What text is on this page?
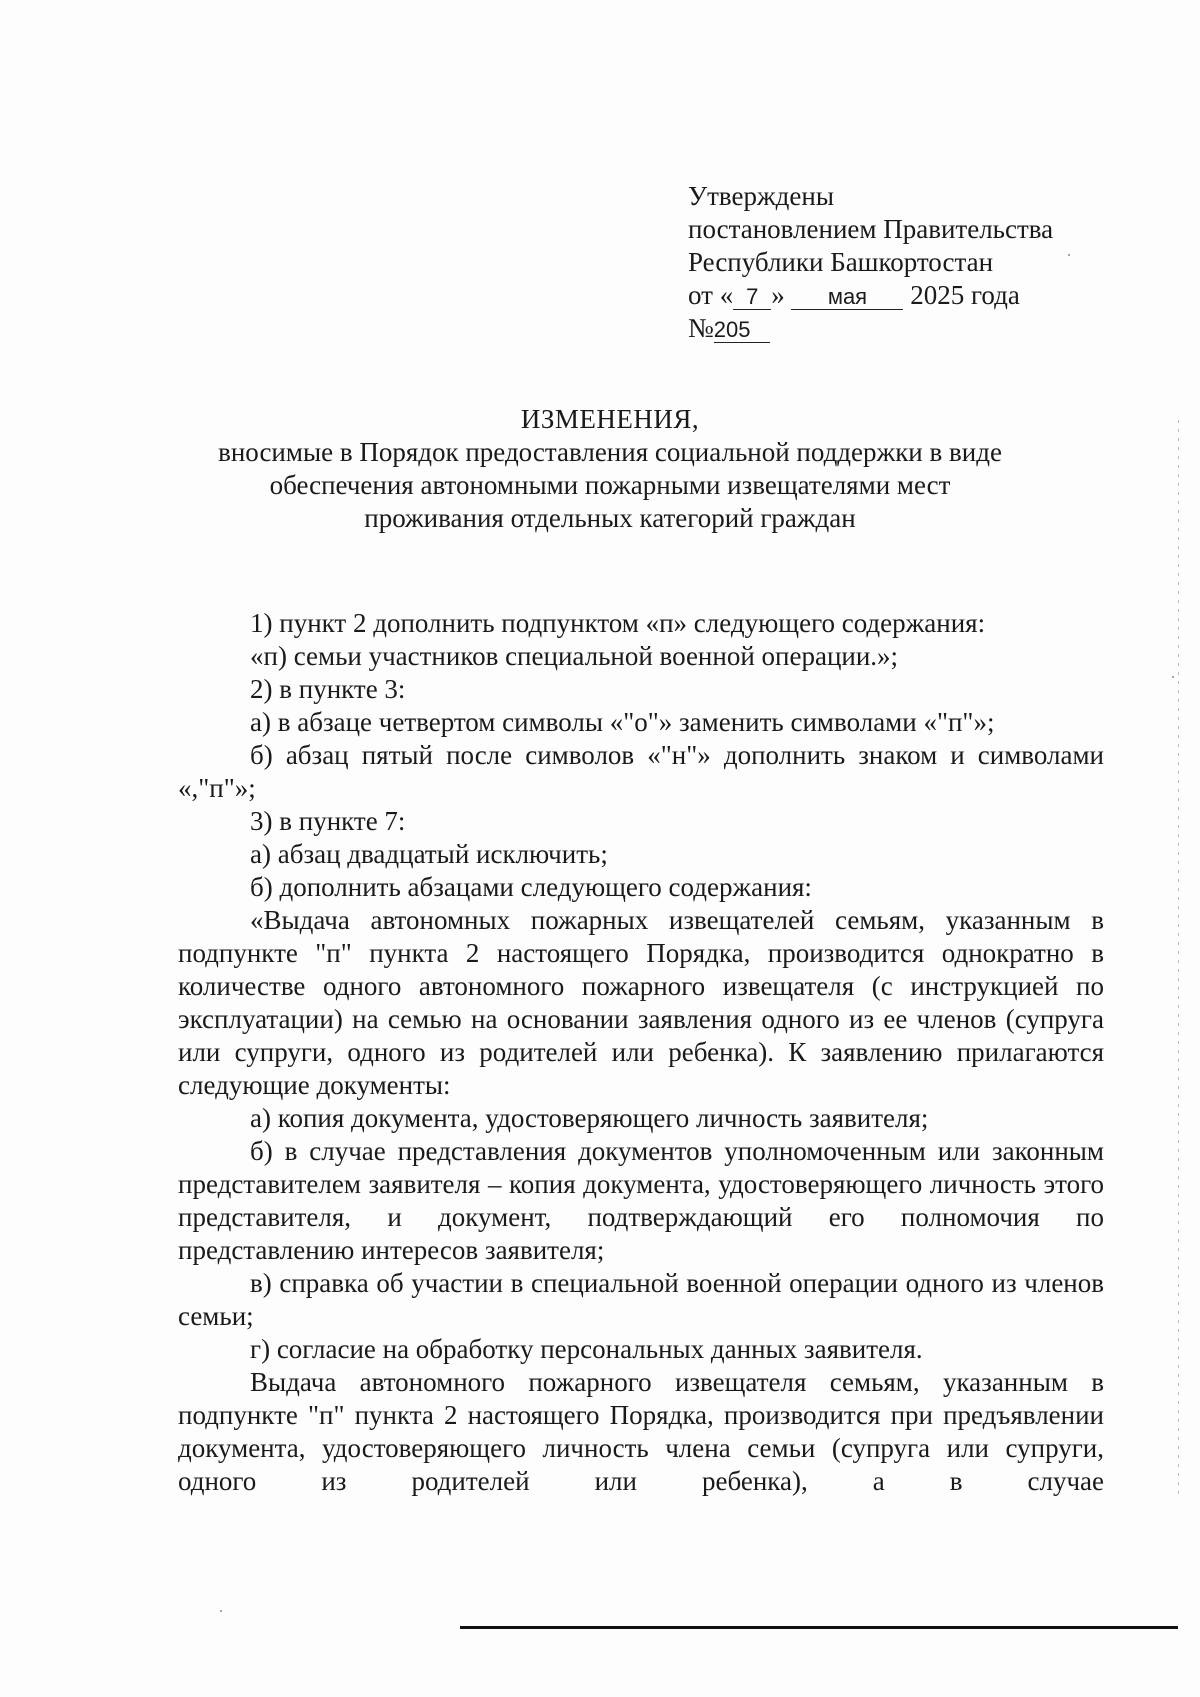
Утверждены
постановлением Правительства
Республики Башкортостан
от « 7 » мая 2025 года
№205
ИЗМЕНЕНИЯ,
вносимые в Порядок предоставления социальной поддержки в виде
обеспечения автономными пожарными извещателями мест
проживания отдельных категорий граждан

1) пункт 2 дополнить подпунктом «п» следующего содержания:

«п) семьи участников специальной военной операции.»;

2) в пункте 3:

а) в абзаце четвертом символы «"о"» заменить символами «"п"»;

б) абзац пятый после символов «"н"» дополнить знаком и символами «,"п"»;

3) в пункте 7:

а) абзац двадцатый исключить;

б) дополнить абзацами следующего содержания:

«Выдача автономных пожарных извещателей семьям, указанным в подпункте "п" пункта 2 настоящего Порядка, производится однократно в количестве одного автономного пожарного извещателя (с инструкцией по эксплуатации) на семью на основании заявления одного из ее членов (супруга или супруги, одного из родителей или ребенка). К заявлению прилагаются следующие документы:

а) копия документа, удостоверяющего личность заявителя;

б) в случае представления документов уполномоченным или законным представителем заявителя – копия документа, удостоверяющего личность этого представителя, и документ, подтверждающий его полномочия по представлению интересов заявителя;

в) справка об участии в специальной военной операции одного из членов семьи;

г) согласие на обработку персональных данных заявителя.

Выдача автономного пожарного извещателя семьям, указанным в подпункте "п" пункта 2 настоящего Порядка, производится при предъявлении документа, удостоверяющего личность члена семьи (супруга или супруги, одного из родителей или ребенка), а в случае
